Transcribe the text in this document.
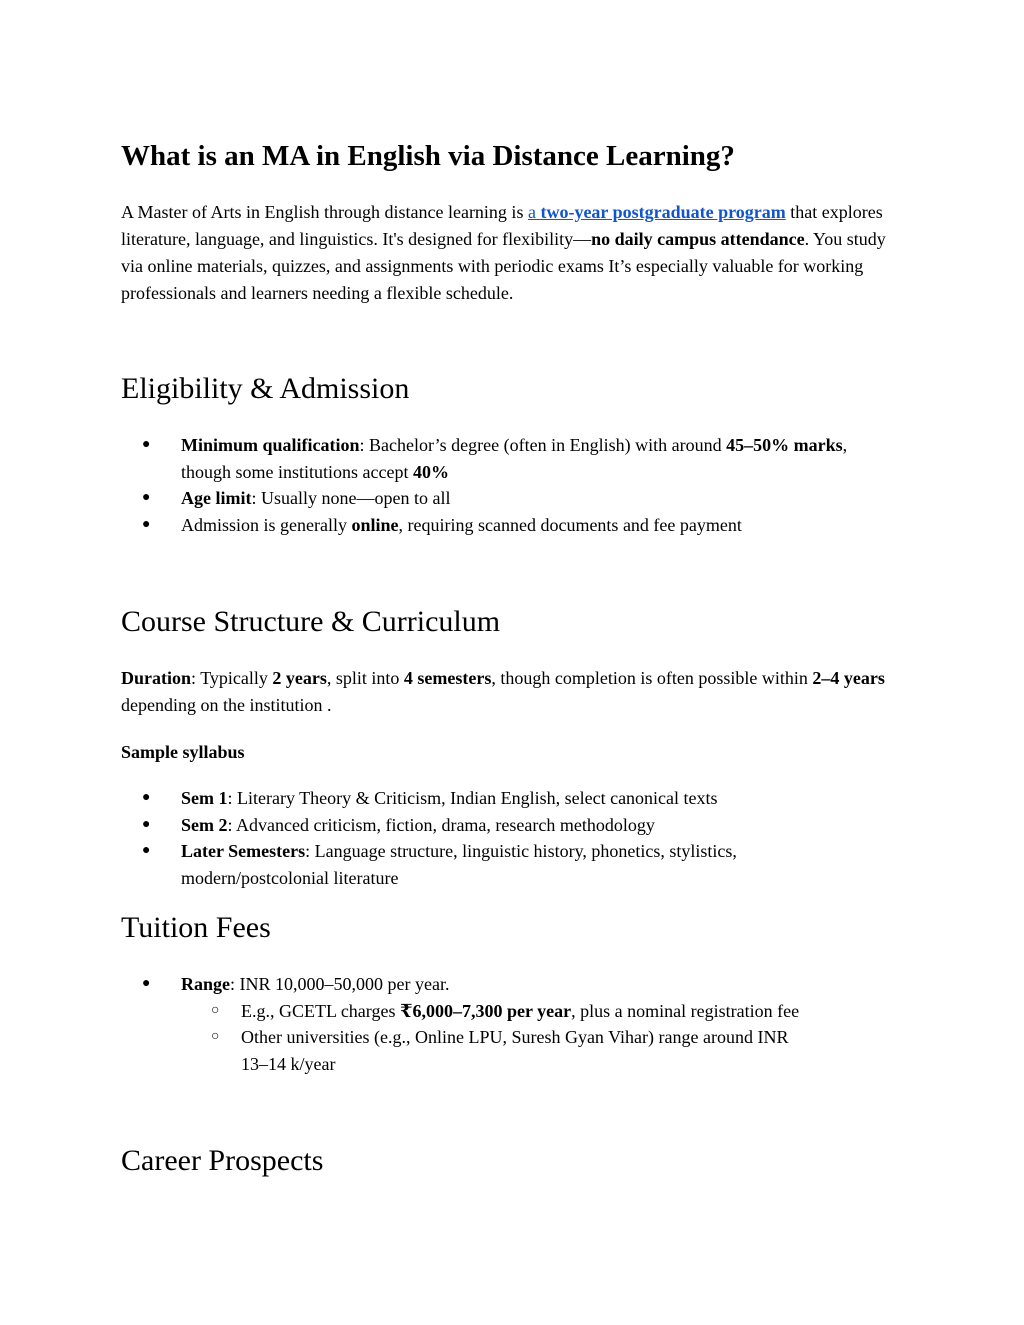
What is an MA in English via Distance Learning?

A Master of Arts in English through distance learning is a two-year postgraduate program that explores literature, language, and linguistics. It's designed for flexibility—no daily campus attendance. You study via online materials, quizzes, and assignments with periodic exams It’s especially valuable for working professionals and learners needing a flexible schedule.

Eligibility & Admission
● Minimum qualification: Bachelor’s degree (often in English) with around 45–50% marks, though some institutions accept 40%
● Age limit: Usually none—open to all
● Admission is generally online, requiring scanned documents and fee payment
Course Structure & Curriculum

Duration: Typically 2 years, split into 4 semesters, though completion is often possible within 2–4 years depending on the institution .

Sample syllabus

● Sem 1: Literary Theory & Criticism, Indian English, select canonical texts
● Sem 2: Advanced criticism, fiction, drama, research methodology
● Later Semesters: Language structure, linguistic history, phonetics, stylistics, modern/postcolonial literature
Tuition Fees
● Range: INR 10,000–50,000 per year.
○ E.g., GCETL charges ₹6,000–7,300 per year, plus a nominal registration fee
○ Other universities (e.g., Online LPU, Suresh Gyan Vihar) range around INR 13–14 k/year
Career Prospects
